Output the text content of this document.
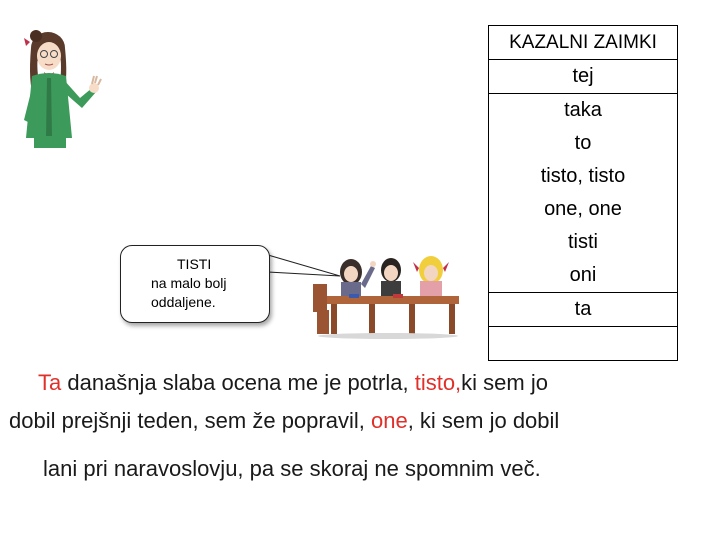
KAZALNI ZAIMKI
tej
taka
to
tisto, tisto
one, one
tisti
oni
ta

TISTI
na malo bolj
oddaljene.
Ta današnja slaba ocena me je potrla, tisto,ki sem jo
dobil prejšnji teden, sem že popravil, one, ki sem jo dobil
lani pri naravoslovju, pa se skoraj ne spomnim več.
